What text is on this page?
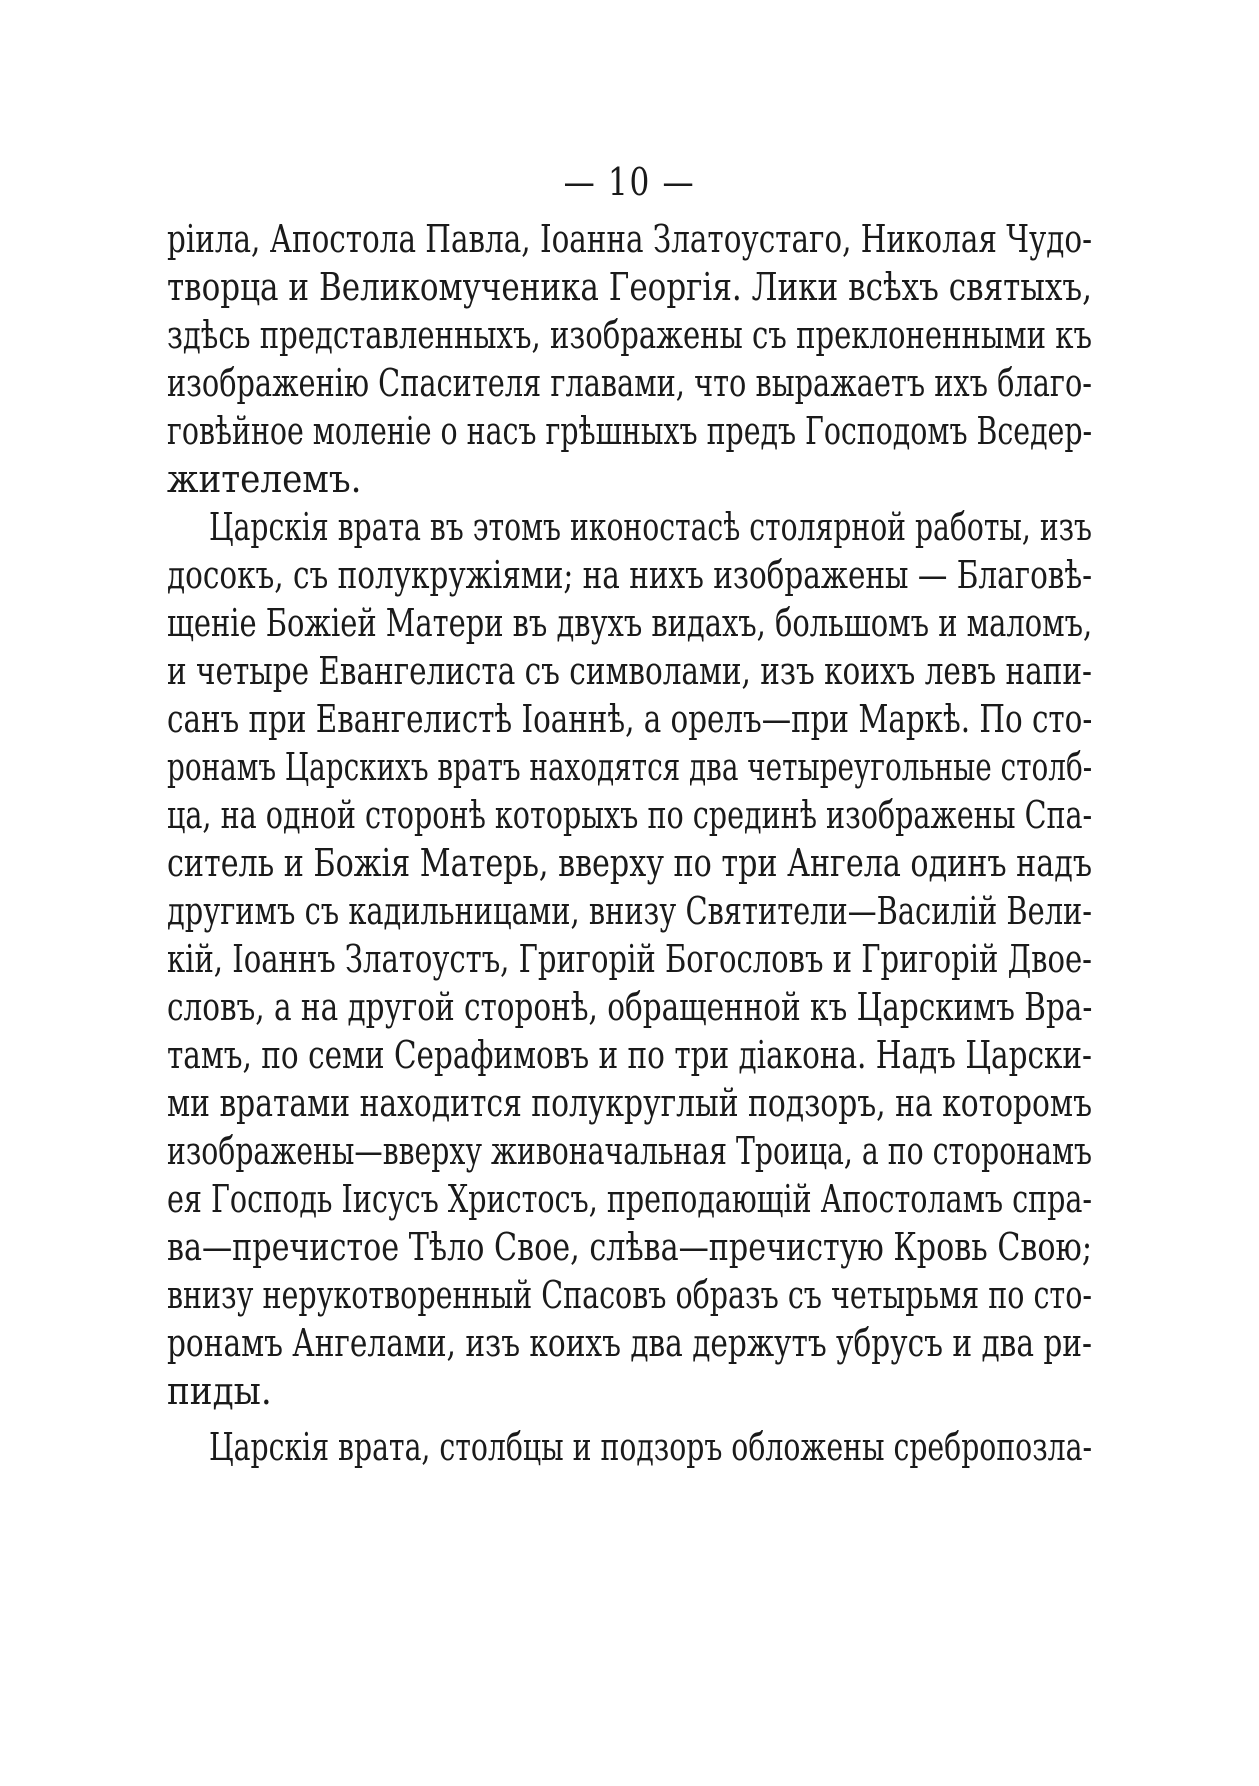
— 10 —
ріила, Апостола Павла, Іоанна Златоустаго, Николая Чудо-
творца и Великомученика Георгія. Лики всѣхъ святыхъ,
здѣсь представленныхъ, изображены съ преклоненными къ
изображенію Спасителя главами, что выражаетъ ихъ благо-
говѣйное моленіе о насъ грѣшныхъ предъ Господомъ Вседер-
жителемъ.
Царскія врата въ этомъ иконостасѣ столярной работы, изъ
досокъ, съ полукружіями; на нихъ изображены — Благовѣ-
щеніе Божіей Матери въ двухъ видахъ, большомъ и маломъ,
и четыре Евангелиста съ символами, изъ коихъ левъ напи-
санъ при Евангелистѣ Іоаннѣ, а орелъ—при Маркѣ. По сто-
ронамъ Царскихъ вратъ находятся два четыреугольные столб-
ца, на одной сторонѣ которыхъ по срединѣ изображены Спа-
ситель и Божія Матерь, вверху по три Ангела одинъ надъ
другимъ съ кадильницами, внизу Святители—Василій Вели-
кій, Іоаннъ Златоустъ, Григорій Богословъ и Григорій Двое-
словъ, а на другой сторонѣ, обращенной къ Царскимъ Вра-
тамъ, по семи Серафимовъ и по три діакона. Надъ Царски-
ми вратами находится полукруглый подзоръ, на которомъ
изображены—вверху живоначальная Троица, а по сторонамъ
ея Господь Іисусъ Христосъ, преподающій Апостоламъ спра-
ва—пречистое Тѣло Свое, слѣва—пречистую Кровь Свою;
внизу нерукотворенный Спасовъ образъ съ четырьмя по сто-
ронамъ Ангелами, изъ коихъ два держутъ убрусъ и два ри-
пиды.
Царскія врата, столбцы и подзоръ обложены сребропозла-
